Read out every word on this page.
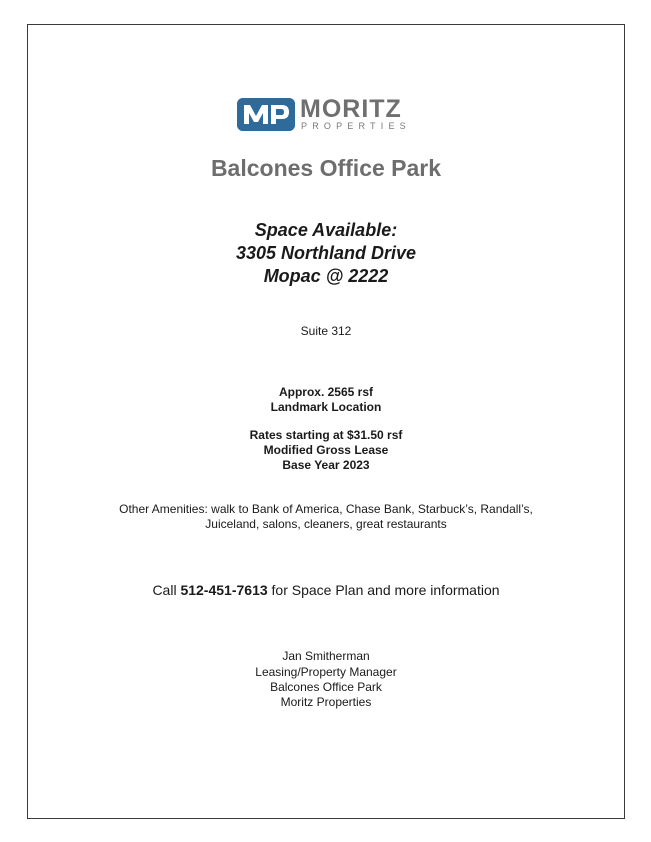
MORITZ
PROPERTIES
Balcones Office Park
Space Available:
3305 Northland Drive
Mopac @ 2222
Suite 312
Approx. 2565 rsf
Landmark Location
Rates starting at $31.50 rsf
Modified Gross Lease
Base Year 2023
Other Amenities: walk to Bank of America, Chase Bank, Starbuck’s, Randall’s,
Juiceland, salons, cleaners, great restaurants
Call 512-451-7613 for Space Plan and more information
Jan Smitherman
Leasing/Property Manager
Balcones Office Park
Moritz Properties
